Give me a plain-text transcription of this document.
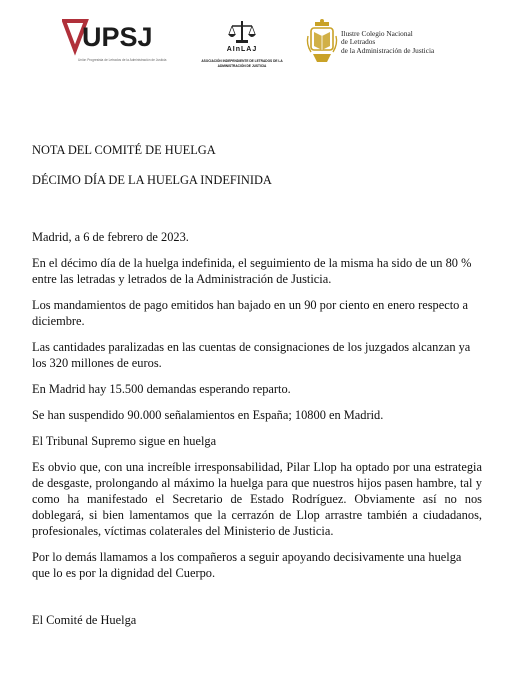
UPSJ
Unión Progresista de Letrados de la Administración de Justicia
AInLAJ
ASOCIACIÓN INDEPENDIENTE DE LETRADOS DE LA
ADMINISTRACIÓN DE JUSTICIA
Ilustre Colegio Nacional
de Letrados
de la Administración de Justicia

NOTA DEL COMITÉ DE HUELGA

DÉCIMO DÍA DE LA HUELGA INDEFINIDA

Madrid, a 6 de febrero de 2023.

En el décimo día de la huelga indefinida, el seguimiento de la misma ha sido de un 80 % entre las letradas y letrados de la Administración de Justicia.

Los mandamientos de pago emitidos han bajado en un 90 por ciento en enero respecto a diciembre.

Las cantidades paralizadas en las cuentas de consignaciones de los juzgados alcanzan ya los 320 millones de euros.

En Madrid hay 15.500 demandas esperando reparto.

Se han suspendido 90.000 señalamientos en España; 10800 en Madrid.

El Tribunal Supremo sigue en huelga

Es obvio que, con una increíble irresponsabilidad, Pilar Llop ha optado por una estrategia de desgaste, prolongando al máximo la huelga para que nuestros hijos pasen hambre, tal y como ha manifestado el Secretario de Estado Rodríguez. Obviamente así no nos doblegará, si bien lamentamos que la cerrazón de Llop arrastre también a ciudadanos, profesionales, víctimas colaterales del Ministerio de Justicia.

Por lo demás llamamos a los compañeros a seguir apoyando decisivamente una huelga que lo es por la dignidad del Cuerpo.

El Comité de Huelga
